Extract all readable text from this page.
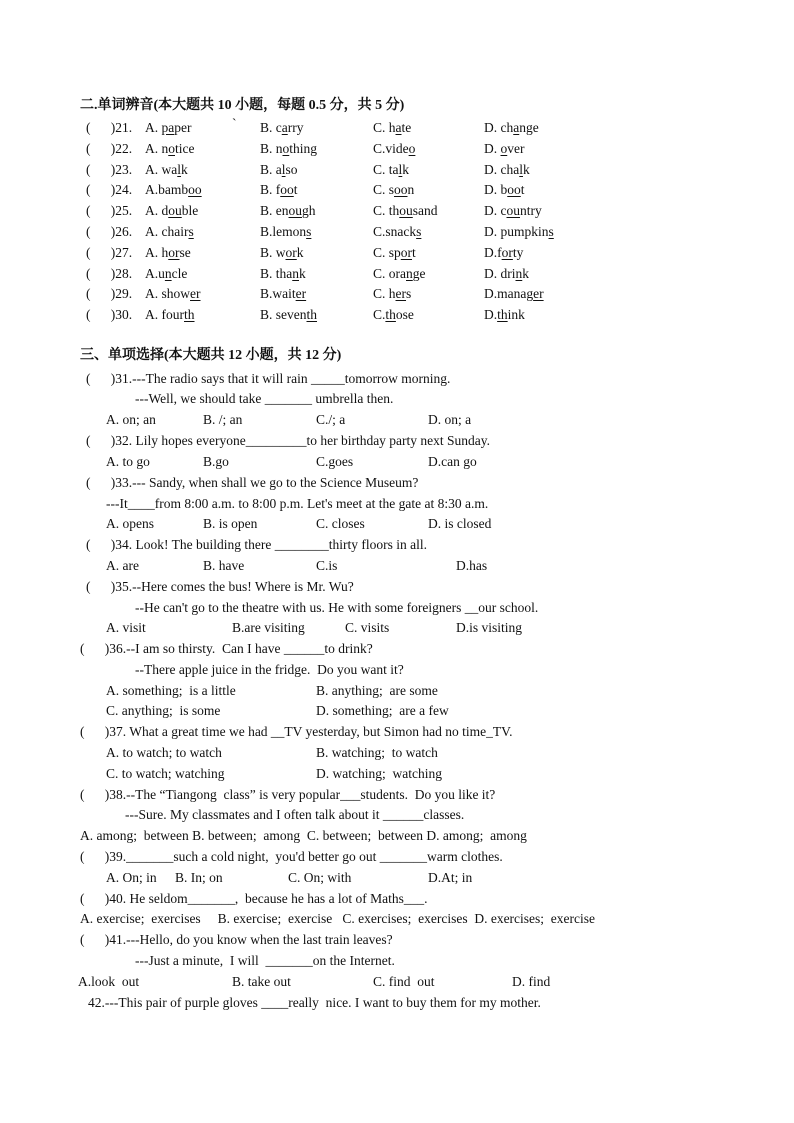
二.单词辨音(本大题共 10 小题，每题 0.5 分，共 5 分)
(      )21. A. paper	B. carry	C. hate	D. change
`
(      )22. A. notice	B. nothing	C.video	D. over
(      )23. A. walk	B. also	C. talk	D. chalk
(      )24. A.bamboo	B. foot	C. soon	D. boot
(      )25. A. double	B. enough	C. thousand	D. country
(      )26. A. chairs	B.lemons	C.snacks	D. pumpkins
(      )27. A. horse	B. work	C. sport	D.forty
(      )28. A.uncle	B. thank	C. orange	D. drink
(      )29. A. shower	B.waiter	C. hers	D.manager
(      )30. A. fourth	B. seventh	C.those	D.think
三、单项选择(本大题共 12 小题，共 12 分)
(      )31.---The radio says that it will rain _____tomorrow morning.
---Well, we should take _______ umbrella then.
A. on; an	B. /; an	C./; a	D. on; a
(      )32. Lily hopes everyone_________to her birthday party next Sunday.
A. to go	B.go	C.goes	D.can go
(      )33.--- Sandy, when shall we go to the Science Museum?
---It____from 8:00 a.m. to 8:00 p.m. Let's meet at the gate at 8:30 a.m.
A. opens	B. is open	C. closes	D. is closed
(      )34. Look! The building there ________thirty floors in all.
A. are	B. have	C.is	D.has
(      )35.--Here comes the bus! Where is Mr. Wu?
--He can't go to the theatre with us. He with some foreigners __our school.
A. visit	B.are visiting	C. visits	D.is visiting
(      )36.--I am so thirsty.  Can I have ______to drink?
--There apple juice in the fridge.  Do you want it?
A. something;  is a little	B. anything;  are some
C. anything;  is some	D. something;  are a few
(      )37. What a great time we had __TV yesterday, but Simon had no time_TV.
A. to watch; to watch	B. watching;  to watch
C. to watch; watching	D. watching;  watching
(      )38.--The “Tiangong  class” is very popular___students.  Do you like it?
---Sure. My classmates and I often talk about it ______classes.
A. among;  between B. between;  among  C. between;  between D. among;  among
(      )39._______such a cold night,  you'd better go out _______warm clothes.
A. On; in B. In; on	C. On; with	D.At; in
(      )40. He seldom_______,  because he has a lot of Maths___.
A. exercise;  exercises     B. exercise;  exercise   C. exercises;  exercises  D. exercises;  exercise
(      )41.---Hello, do you know when the last train leaves?
---Just a minute,  I will  _______on the Internet.
A.look  out	B. take out	C. find  out	D. find
42.---This pair of purple gloves ____really  nice. I want to buy them for my mother.
